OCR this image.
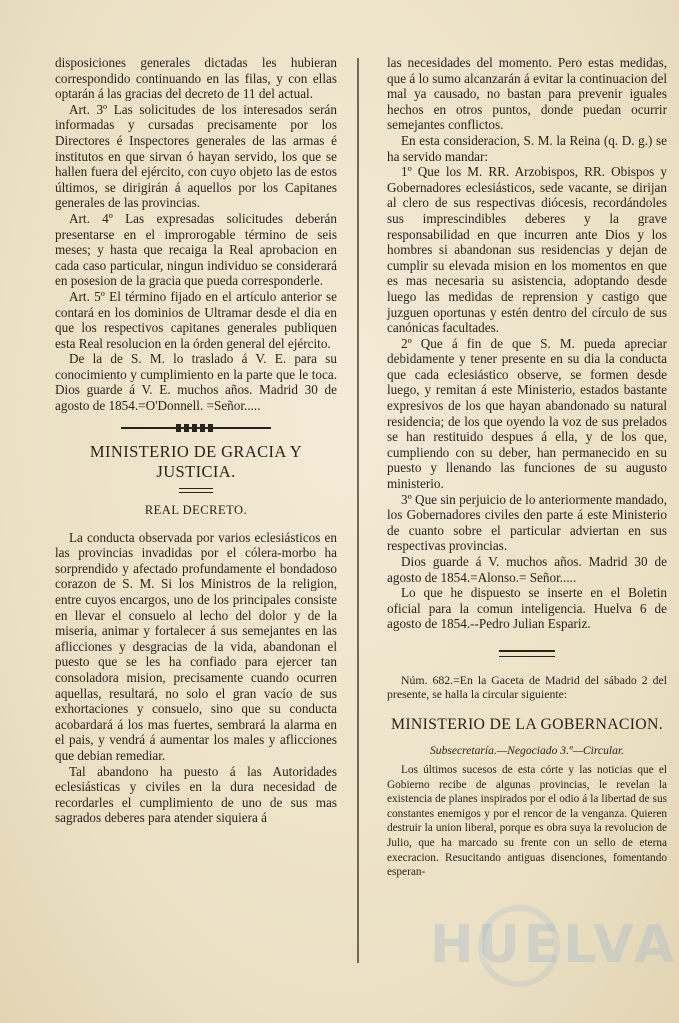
disposiciones generales dictadas les hubieran correspondido continuando en las filas, y con ellas optarán á las gracias del decreto de 11 del actual.

Art. 3º Las solicitudes de los interesados serán informadas y cursadas precisamente por los Directores é Inspectores generales de las armas é institutos en que sirvan ó hayan servido, los que se hallen fuera del ejército, con cuyo objeto las de estos últimos, se dirigirán á aquellos por los Capitanes generales de las provincias.

Art. 4º Las expresadas solicitudes deberán presentarse en el improrogable término de seis meses; y hasta que recaiga la Real aprobacion en cada caso particular, ningun individuo se considerará en posesion de la gracia que pueda corresponderle.

Art. 5º El término fijado en el artículo anterior se contará en los dominios de Ultramar desde el dia en que los respectivos capitanes generales publiquen esta Real resolucion en la órden general del ejército.

De la de S. M. lo traslado á V. E. para su conocimiento y cumplimiento en la parte que le toca. Dios guarde á V. E. muchos años. Madrid 30 de agosto de 1854.=O'Donnell. =Señor.....

MINISTERIO DE GRACIA Y JUSTICIA.
REAL DECRETO.

La conducta observada por varios eclesiásticos en las provincias invadidas por el cólera-morbo ha sorprendido y afectado profundamente el bondadoso corazon de S. M. Si los Ministros de la religion, entre cuyos encargos, uno de los principales consiste en llevar el consuelo al lecho del dolor y de la miseria, animar y fortalecer á sus semejantes en las aflicciones y desgracias de la vida, abandonan el puesto que se les ha confiado para ejercer tan consoladora mision, precisamente cuando ocurren aquellas, resultará, no solo el gran vacío de sus exhortaciones y consuelo, sino que su conducta acobardará á los mas fuertes, sembrará la alarma en el pais, y vendrá á aumentar los males y aflicciones que debian remediar.

Tal abandono ha puesto á las Autoridades eclesiásticas y civiles en la dura necesidad de recordarles el cumplimiento de uno de sus mas sagrados deberes para atender siquiera á

las necesidades del momento. Pero estas medidas, que á lo sumo alcanzarán á evitar la continuacion del mal ya causado, no bastan para prevenir iguales hechos en otros puntos, donde puedan ocurrir semejantes conflictos.

En esta consideracion, S. M. la Reina (q. D. g.) se ha servido mandar:

1º Que los M. RR. Arzobispos, RR. Obispos y Gobernadores eclesiásticos, sede vacante, se dirijan al clero de sus respectivas diócesis, recordándoles sus imprescindibles deberes y la grave responsabilidad en que incurren ante Dios y los hombres si abandonan sus residencias y dejan de cumplir su elevada mision en los momentos en que es mas necesaria su asistencia, adoptando desde luego las medidas de reprension y castigo que juzguen oportunas y estén dentro del círculo de sus canónicas facultades.

2º Que á fin de que S. M. pueda apreciar debidamente y tener presente en su dia la conducta que cada eclesiástico observe, se formen desde luego, y remitan á este Ministerio, estados bastante expresivos de los que hayan abandonado su natural residencia; de los que oyendo la voz de sus prelados se han restituido despues á ella, y de los que, cumpliendo con su deber, han permanecido en su puesto y llenando las funciones de su augusto ministerio.

3º Que sin perjuicio de lo anteriormente mandado, los Gobernadores civiles den parte á este Ministerio de cuanto sobre el particular adviertan en sus respectivas provincias.

Dios guarde á V. muchos años. Madrid 30 de agosto de 1854.=Alonso.= Señor.....

Lo que he dispuesto se inserte en el Boletin oficial para la comun inteligencia. Huelva 6 de agosto de 1854.--Pedro Julian Espariz.

Núm. 682.=En la Gaceta de Madrid del sábado 2 del presente, se halla la circular siguiente:

MINISTERIO DE LA GOBERNACION.
Subsecretaría.—Negociado 3.º—Circular.

Los últimos sucesos de esta córte y las noticias que el Gobierno recibe de algunas provincias, le revelan la existencia de planes inspirados por el odio á la libertad de sus constantes enemigos y por el rencor de la venganza. Quieren destruir la union liberal, porque es obra suya la revolucion de Julio, que ha marcado su frente con un sello de eterna execracion. Resucitando antiguas disenciones, fomentando esperan-

HUELVA
